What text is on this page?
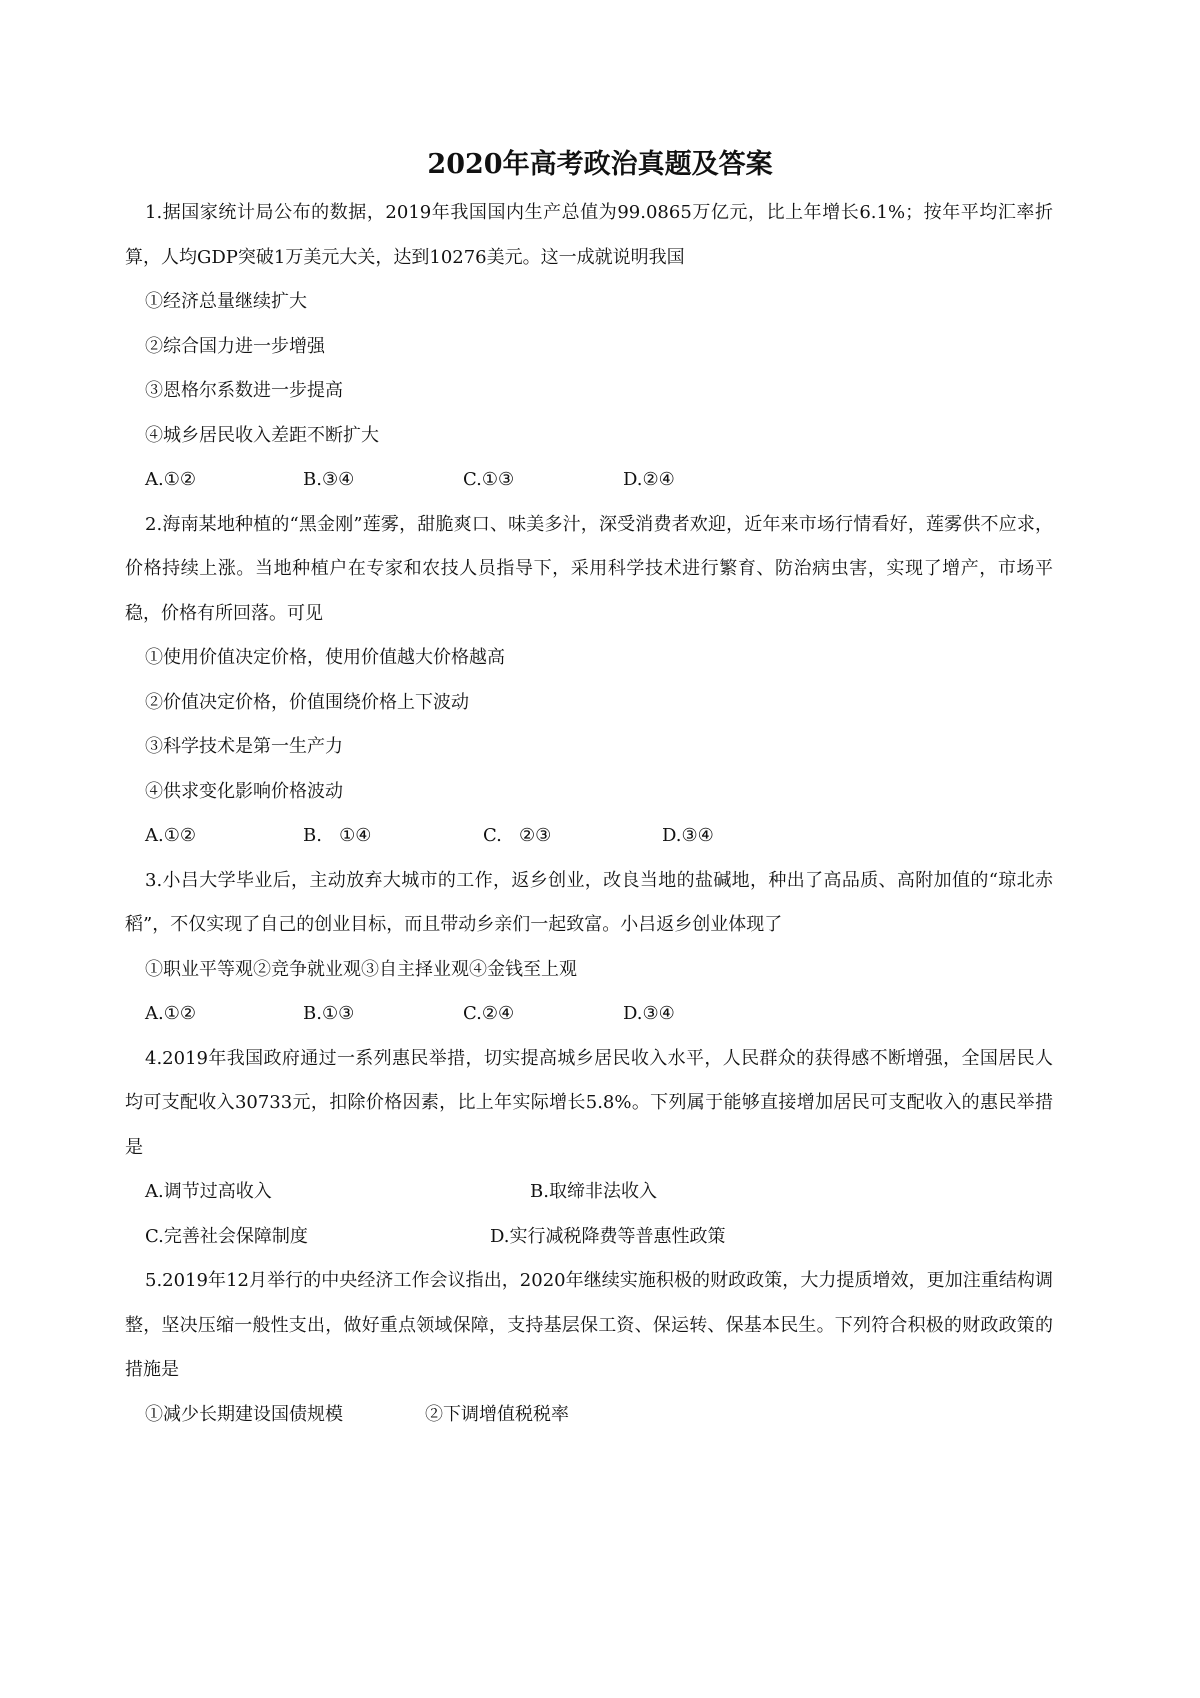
2020年高考政治真题及答案

1.据国家统计局公布的数据，2019年我国国内生产总值为99.0865万亿元，比上年增长6.1%；按年平均汇率折算，人均GDP突破1万美元大关，达到10276美元。这一成就说明我国

①经济总量继续扩大

②综合国力进一步增强

③恩格尔系数进一步提高

④城乡居民收入差距不断扩大

A.①②	B.③④	C.①③	D.②④

2.海南某地种植的“黑金刚”莲雾，甜脆爽口、味美多汁，深受消费者欢迎，近年来市场行情看好，莲雾供不应求，价格持续上涨。当地种植户在专家和农技人员指导下，采用科学技术进行繁育、防治病虫害，实现了增产，市场平稳，价格有所回落。可见

①使用价值决定价格，使用价值越大价格越高

②价值决定价格，价值围绕价格上下波动

③科学技术是第一生产力

④供求变化影响价格波动

A.①②	B.   ①④	C.   ②③	D.③④

3.小吕大学毕业后，主动放弃大城市的工作，返乡创业，改良当地的盐碱地，种出了高品质、高附加值的“琼北赤稻”，不仅实现了自己的创业目标，而且带动乡亲们一起致富。小吕返乡创业体现了

①职业平等观②竞争就业观③自主择业观④金钱至上观

A.①②	B.①③	C.②④	D.③④

4.2019年我国政府通过一系列惠民举措，切实提高城乡居民收入水平，人民群众的获得感不断增强，全国居民人均可支配收入30733元，扣除价格因素，比上年实际增长5.8%。下列属于能够直接增加居民可支配收入的惠民举措是

A.调节过高收入	B.取缔非法收入
C.完善社会保障制度	D.实行减税降费等普惠性政策

5.2019年12月举行的中央经济工作会议指出，2020年继续实施积极的财政政策，大力提质增效，更加注重结构调整，坚决压缩一般性支出，做好重点领域保障，支持基层保工资、保运转、保基本民生。下列符合积极的财政政策的措施是

①减少长期建设国债规模	②下调增值税税率
